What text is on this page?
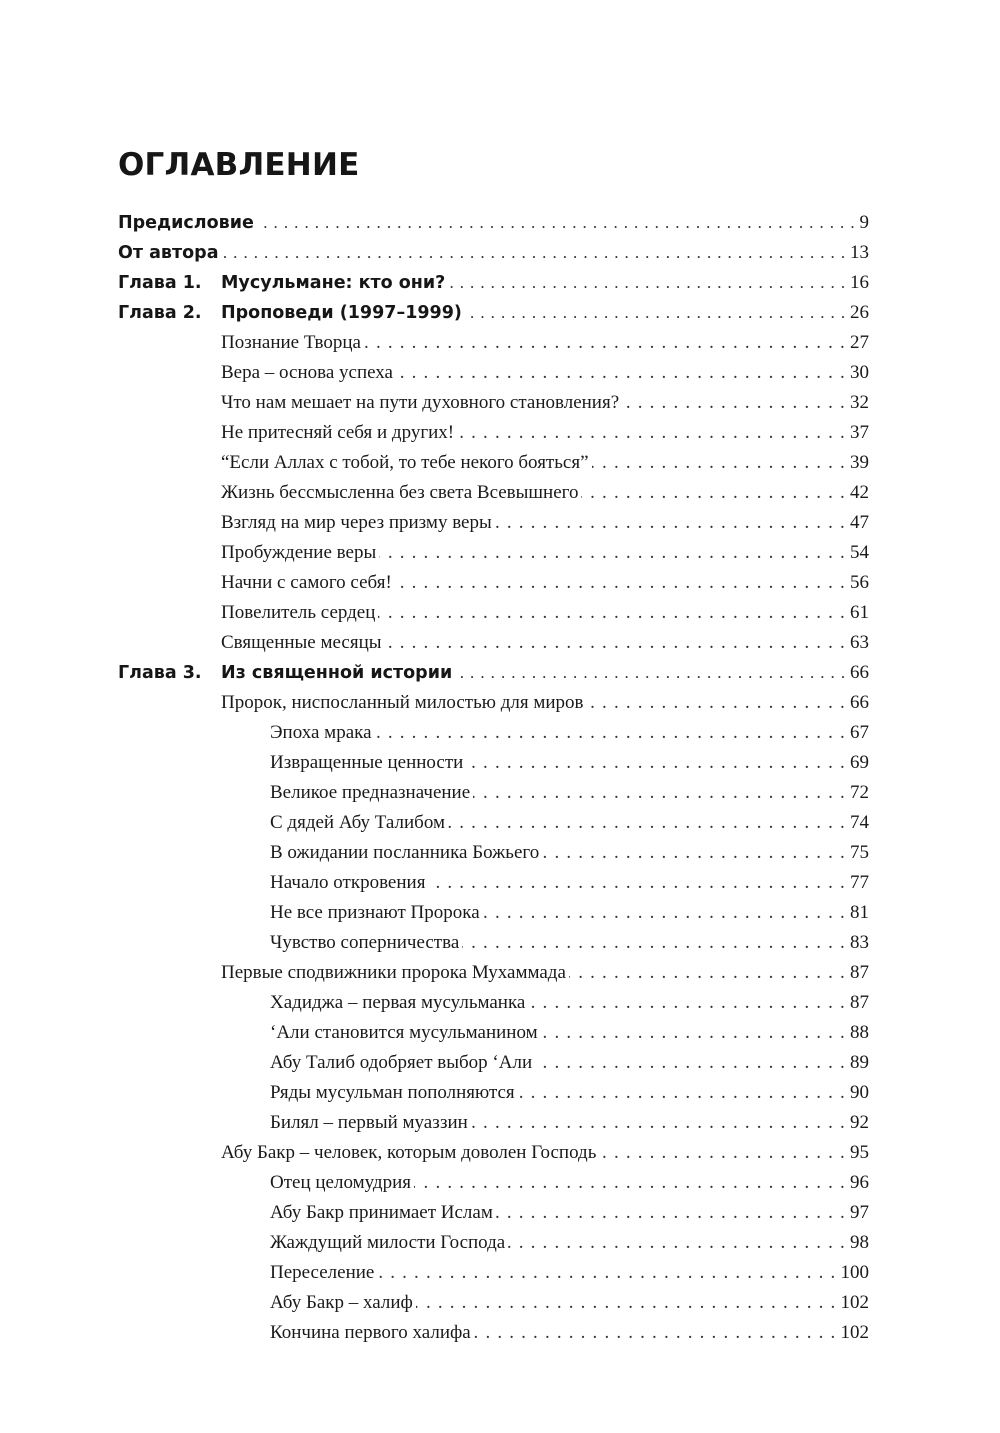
ОГЛАВЛЕНИЕ
Предисловие . . .	9
От автора . . .	13
Глава 1. Мусульмане: кто они? . . .	16
Глава 2. Проповеди (1997–1999) . . .	26
Познание Творца . . .	27
Вера – основа успеха . . .	30
Что нам мешает на пути духовного становления? . . .	32
Не притесняй себя и других! . . .	37
“Если Аллах с тобой, то тебе некого бояться” . . .	39
Жизнь бессмысленна без света Всевышнего . . .	42
Взгляд на мир через призму веры . . .	47
Пробуждение веры . . .	54
Начни с самого себя! . . .	56
Повелитель сердец . . .	61
Священные месяцы . . .	63
Глава 3. Из священной истории . . .	66
Пророк, ниспосланный милостью для миров . . .	66
Эпоха мрака . . .	67
Извращенные ценности . . .	69
Великое предназначение . . .	72
С дядей Абу Талибом . . .	74
В ожидании посланника Божьего . . .	75
Начало откровения . . .	77
Не все признают Пророка . . .	81
Чувство соперничества . . .	83
Первые сподвижники пророка Мухаммада . . .	87
Хадиджа – первая мусульманка . . .	87
‘Али становится мусульманином . . .	88
Абу Талиб одобряет выбор ‘Али . . .	89
Ряды мусульман пополняются . . .	90
Билял – первый муаззин . . .	92
Абу Бакр – человек, которым доволен Господь . . .	95
Отец целомудрия . . .	96
Абу Бакр принимает Ислам . . .	97
Жаждущий милости Господа . . .	98
Переселение . . .	100
Абу Бакр – халиф . . .	102
Кончина первого халифа . . .	102
